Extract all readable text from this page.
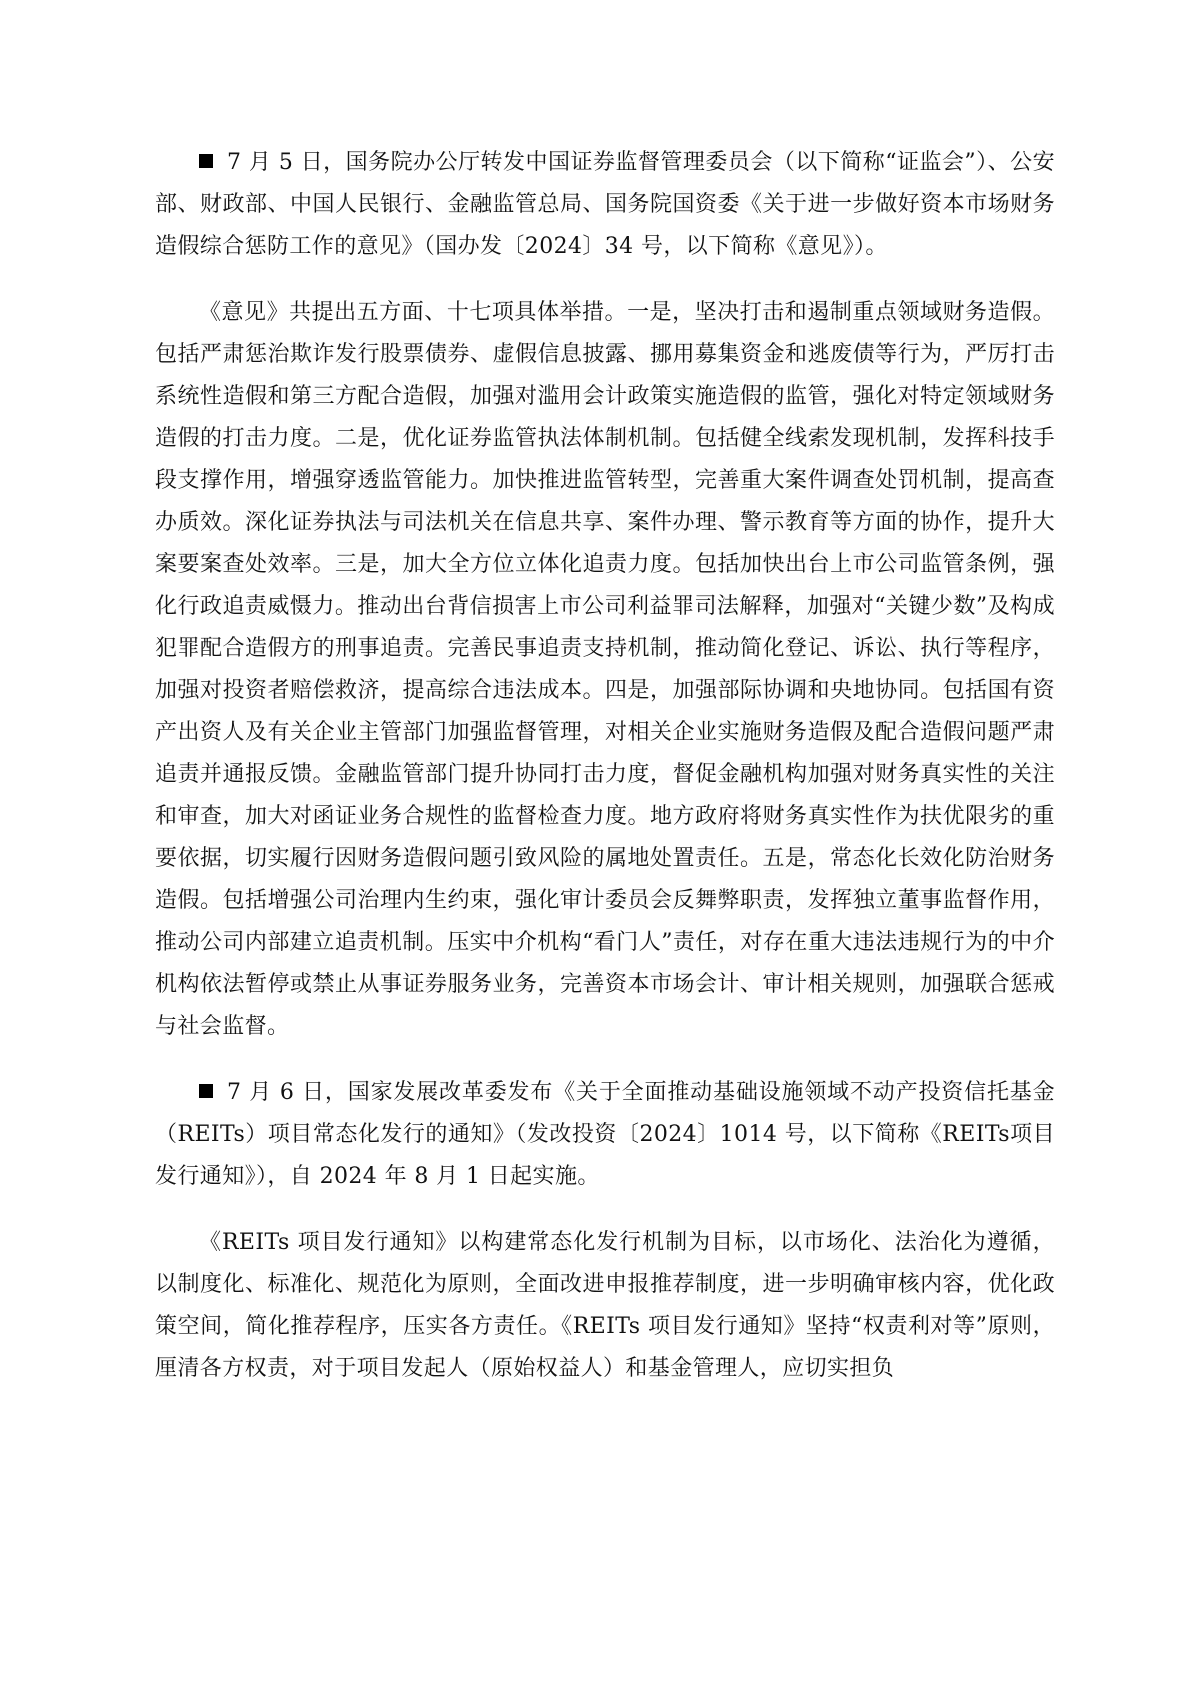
7 月 5 日，国务院办公厅转发中国证券监督管理委员会（以下简称“证监会”）、公安部、财政部、中国人民银行、金融监管总局、国务院国资委《关于进一步做好资本市场财务造假综合惩防工作的意见》（国办发〔2024〕34 号，以下简称《意见》）。

《意见》共提出五方面、十七项具体举措。一是，坚决打击和遏制重点领域财务造假。包括严肃惩治欺诈发行股票债券、虚假信息披露、挪用募集资金和逃废债等行为，严厉打击系统性造假和第三方配合造假，加强对滥用会计政策实施造假的监管，强化对特定领域财务造假的打击力度。二是，优化证券监管执法体制机制。包括健全线索发现机制，发挥科技手段支撑作用，增强穿透监管能力。加快推进监管转型，完善重大案件调查处罚机制，提高查办质效。深化证券执法与司法机关在信息共享、案件办理、警示教育等方面的协作，提升大案要案查处效率。三是，加大全方位立体化追责力度。包括加快出台上市公司监管条例，强化行政追责威慑力。推动出台背信损害上市公司利益罪司法解释，加强对“关键少数”及构成犯罪配合造假方的刑事追责。完善民事追责支持机制，推动简化登记、诉讼、执行等程序，加强对投资者赔偿救济，提高综合违法成本。四是，加强部际协调和央地协同。包括国有资产出资人及有关企业主管部门加强监督管理，对相关企业实施财务造假及配合造假问题严肃追责并通报反馈。金融监管部门提升协同打击力度，督促金融机构加强对财务真实性的关注和审查，加大对函证业务合规性的监督检查力度。地方政府将财务真实性作为扶优限劣的重要依据，切实履行因财务造假问题引致风险的属地处置责任。五是，常态化长效化防治财务造假。包括增强公司治理内生约束，强化审计委员会反舞弊职责，发挥独立董事监督作用，推动公司内部建立追责机制。压实中介机构“看门人”责任，对存在重大违法违规行为的中介机构依法暂停或禁止从事证券服务业务，完善资本市场会计、审计相关规则，加强联合惩戒与社会监督。

7 月 6 日，国家发展改革委发布《关于全面推动基础设施领域不动产投资信托基金（REITs）项目常态化发行的通知》（发改投资〔2024〕1014 号，以下简称《REITs项目发行通知》），自 2024 年 8 月 1 日起实施。

《REITs 项目发行通知》以构建常态化发行机制为目标，以市场化、法治化为遵循，以制度化、标准化、规范化为原则，全面改进申报推荐制度，进一步明确审核内容，优化政策空间，简化推荐程序，压实各方责任。《REITs 项目发行通知》坚持“权责利对等”原则，厘清各方权责，对于项目发起人（原始权益人）和基金管理人，应切实担负
